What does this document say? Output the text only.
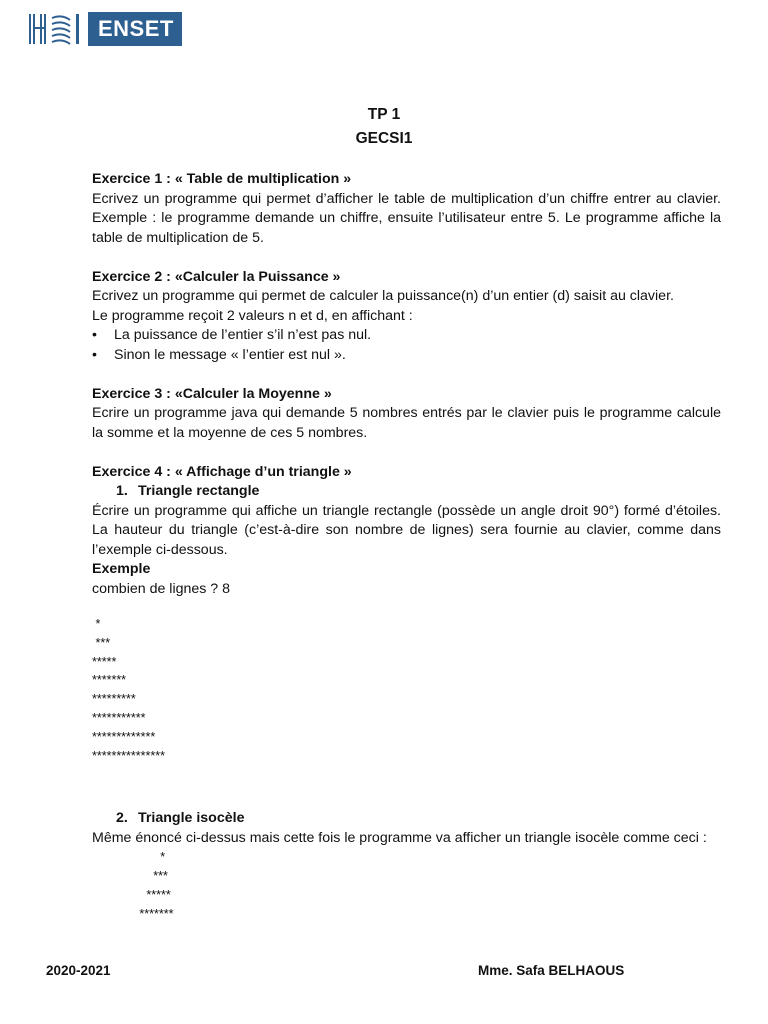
ENSET
TP 1
GECSI1
Exercice 1 : « Table de multiplication »

Ecrivez un programme qui permet d’afficher le table de multiplication d’un chiffre entrer au clavier. Exemple : le programme demande un chiffre, ensuite l’utilisateur entre 5. Le programme affiche la table de multiplication de 5.

Exercice 2 : «Calculer la Puissance »

Ecrivez un programme qui permet de calculer la puissance(n) d’un entier (d) saisit au clavier.

Le programme reçoit 2 valeurs n et d, en affichant :

• La puissance de l’entier s’il n’est pas nul.
• Sinon le message « l’entier est nul ».
Exercice 3 : «Calculer la Moyenne »

Ecrire un programme java qui demande 5 nombres entrés par le clavier puis le programme calcule la somme et la moyenne de ces 5 nombres.

Exercice 4 : « Affichage d’un triangle »
1. Triangle rectangle

Écrire un programme qui affiche un triangle rectangle (possède un angle droit 90°) formé d’étoiles. La hauteur du triangle (c’est-à-dire son nombre de lignes) sera fournie au clavier, comme dans l’exemple ci-dessous.

Exemple
combien de lignes ? 8
*
***
*****
*******
*********
***********
*************
***************
2. Triangle isocèle

Même énoncé ci-dessus mais cette fois le programme va afficher un triangle isocèle comme ceci :

*
***
*****
*******
2020-2021	Mme. Safa BELHAOUS
